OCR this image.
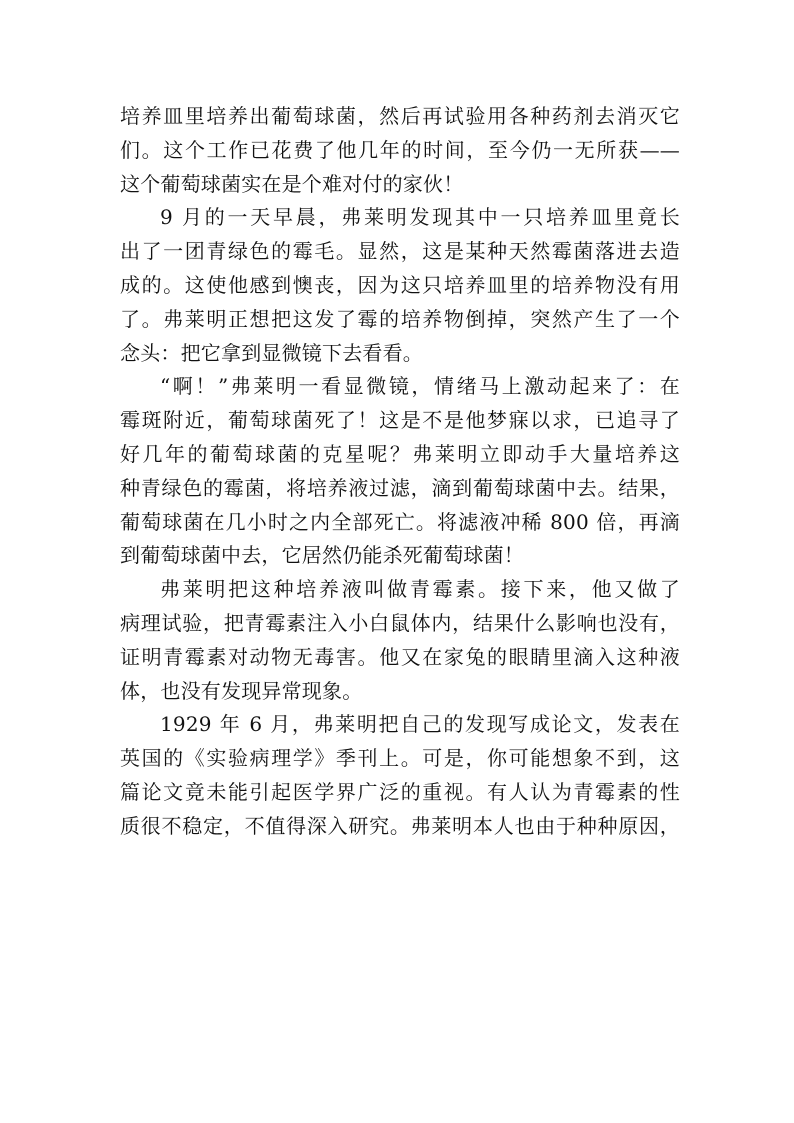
培养皿里培养出葡萄球菌，然后再试验用各种药剂去消灭它
们。这个工作已花费了他几年的时间，至今仍一无所获——
这个葡萄球菌实在是个难对付的家伙！
9 月的一天早晨，弗莱明发现其中一只培养皿里竟长
出了一团青绿色的霉毛。显然，这是某种天然霉菌落进去造
成的。这使他感到懊丧，因为这只培养皿里的培养物没有用
了。弗莱明正想把这发了霉的培养物倒掉，突然产生了一个
念头：把它拿到显微镜下去看看。
“啊！”弗莱明一看显微镜，情绪马上激动起来了：在
霉斑附近，葡萄球菌死了！这是不是他梦寐以求，已追寻了
好几年的葡萄球菌的克星呢？弗莱明立即动手大量培养这
种青绿色的霉菌，将培养液过滤，滴到葡萄球菌中去。结果，
葡萄球菌在几小时之内全部死亡。将滤液冲稀 800 倍，再滴
到葡萄球菌中去，它居然仍能杀死葡萄球菌！
弗莱明把这种培养液叫做青霉素。接下来，他又做了
病理试验，把青霉素注入小白鼠体内，结果什么影响也没有，
证明青霉素对动物无毒害。他又在家兔的眼睛里滴入这种液
体，也没有发现异常现象。
1929 年 6 月，弗莱明把自己的发现写成论文，发表在
英国的《实验病理学》季刊上。可是，你可能想象不到，这
篇论文竟未能引起医学界广泛的重视。有人认为青霉素的性
质很不稳定，不值得深入研究。弗莱明本人也由于种种原因，
